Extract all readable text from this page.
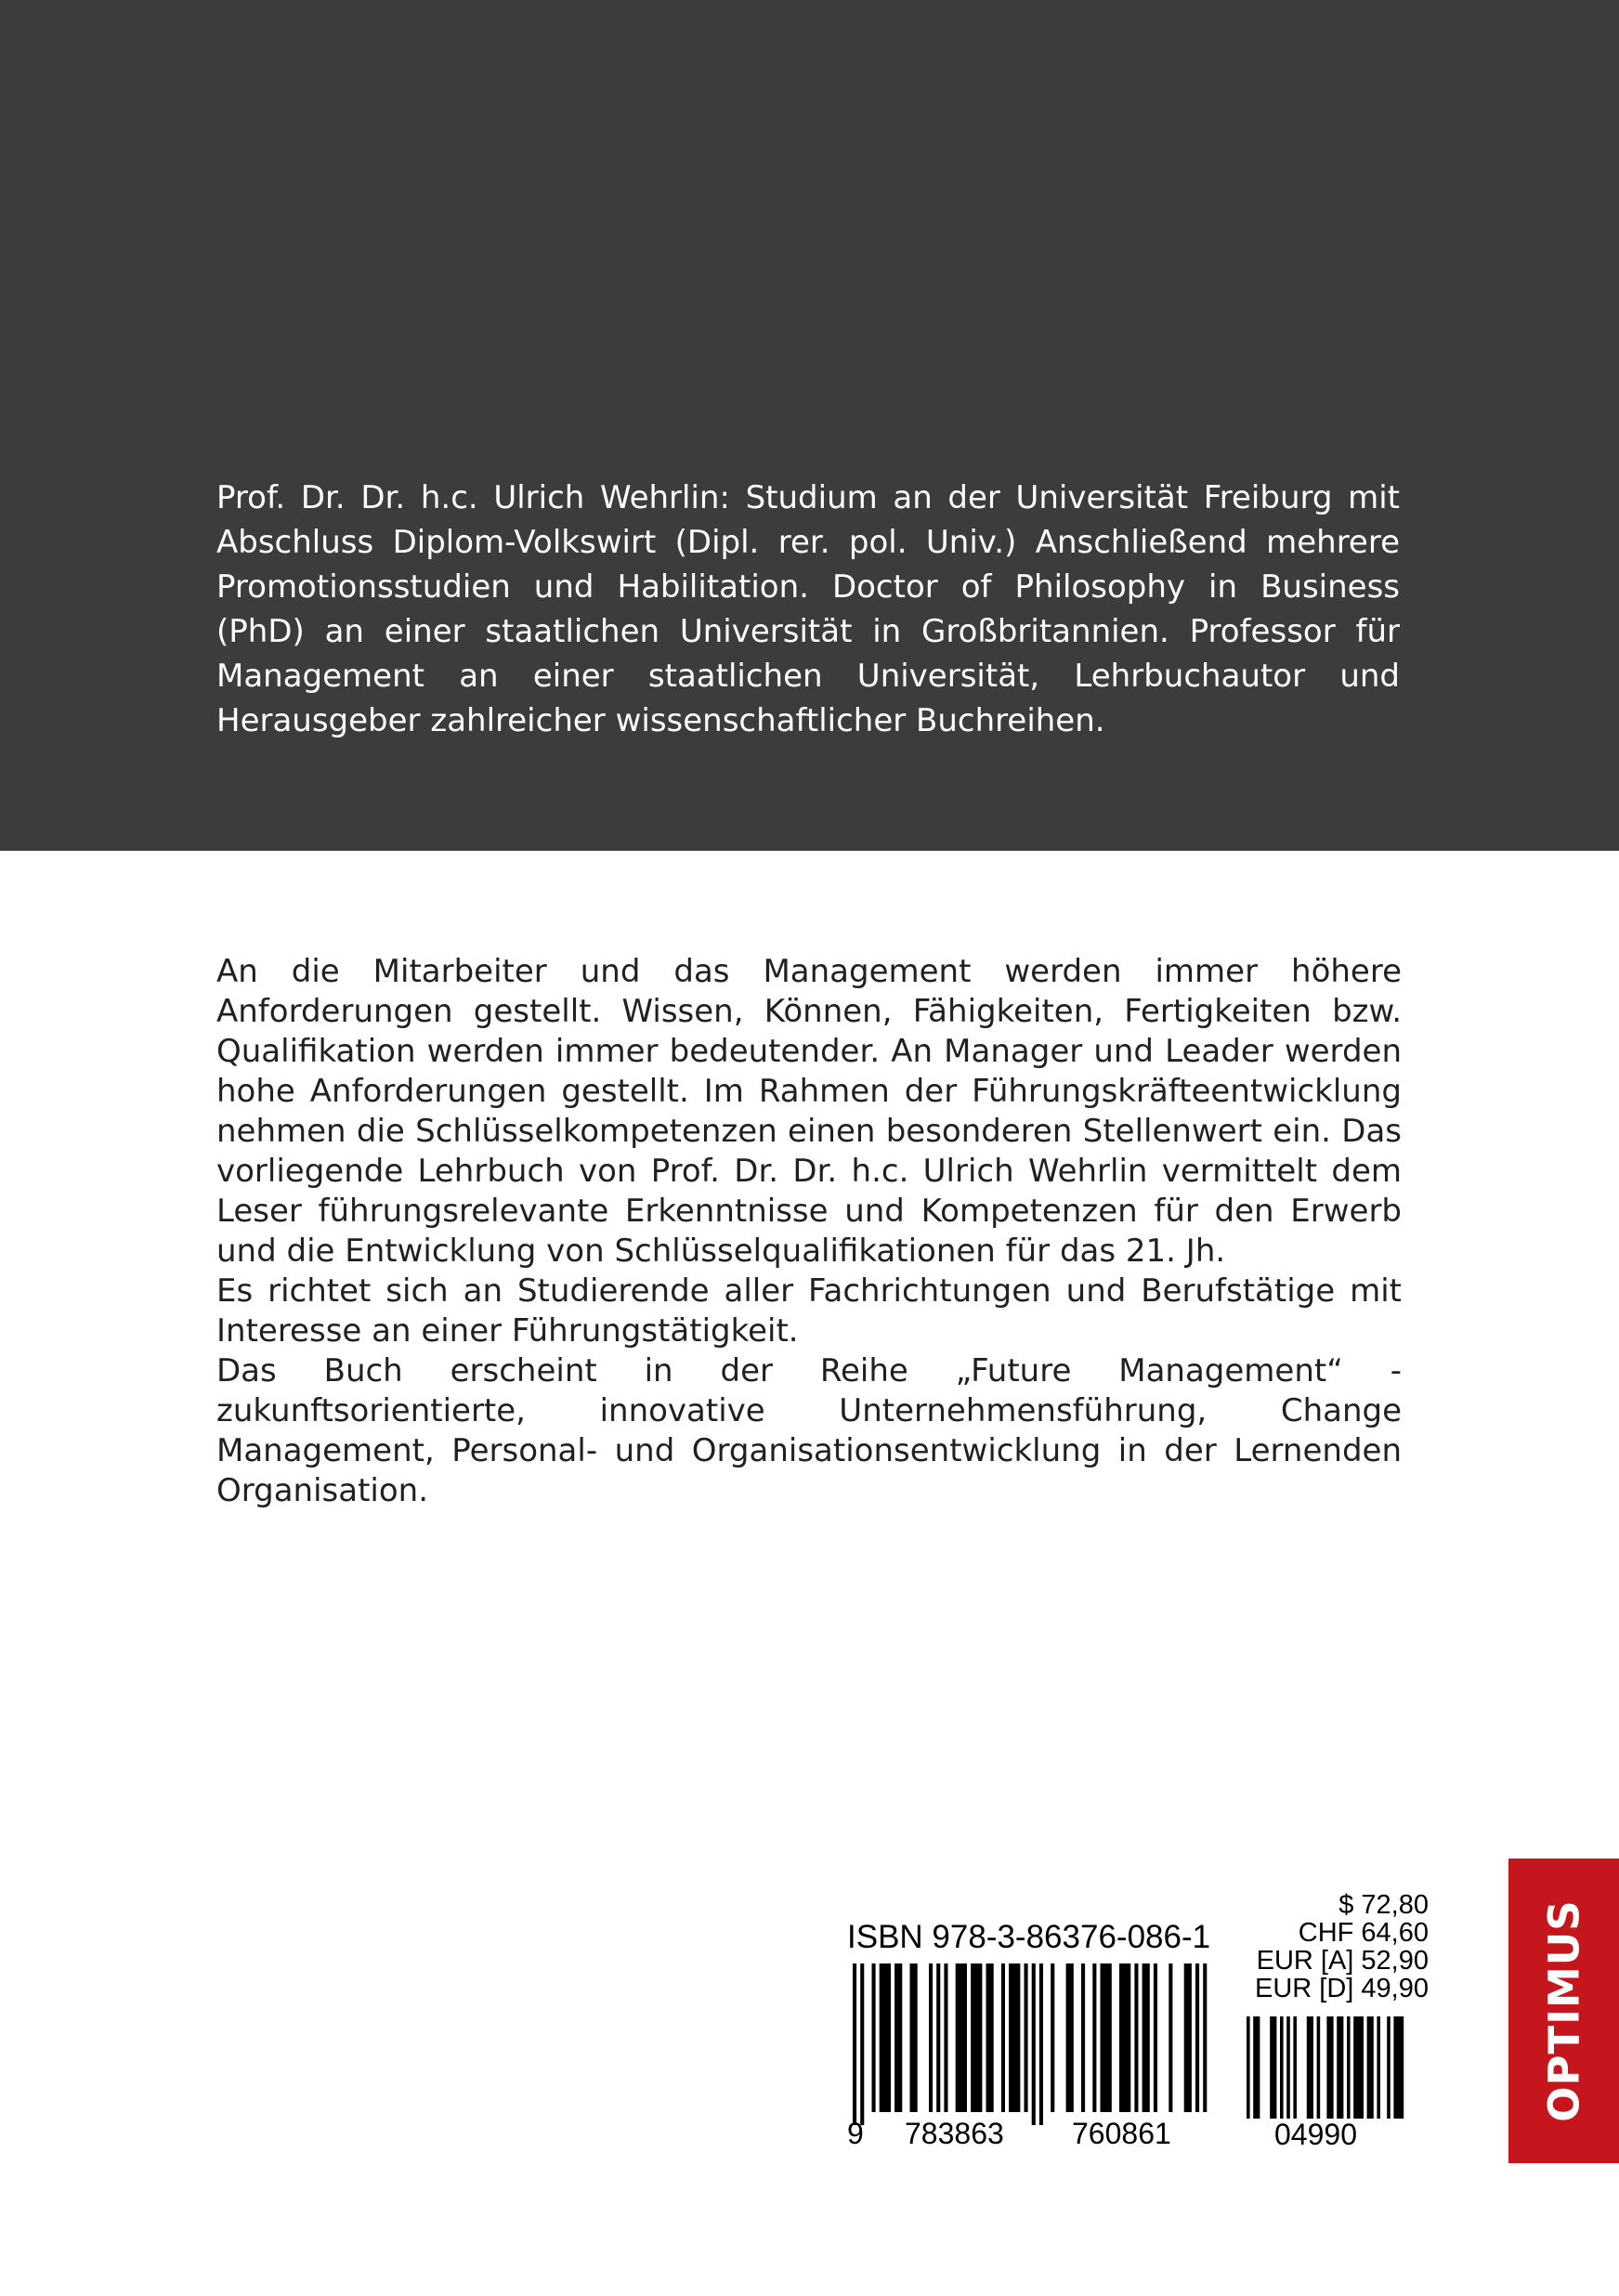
Prof. Dr. Dr. h.c. Ulrich Wehrlin: Studium an der Universität Freiburg mit Abschluss Diplom-Volkswirt (Dipl. rer. pol. Univ.) Anschließend mehrere Promotionsstudien und Habilitation. Doctor of Philosophy in Business (PhD) an einer staatlichen Universität in Großbritannien. Professor für Management an einer staatlichen Universität, Lehrbuchautor und Herausgeber zahlreicher wissenschaftlicher Buchreihen.

An die Mitarbeiter und das Management werden immer höhere Anforderungen gestellt. Wissen, Können, Fähigkeiten, Fertigkeiten bzw. Qualifikation werden immer bedeutender. An Manager und Leader werden hohe Anforderungen gestellt. Im Rahmen der Führungskräfteentwicklung nehmen die Schlüsselkompetenzen einen besonderen Stellenwert ein. Das vorliegende Lehrbuch von Prof. Dr. Dr. h.c. Ulrich Wehrlin vermittelt dem Leser führungsrelevante Erkenntnisse und Kompetenzen für den Erwerb und die Entwicklung von Schlüsselqualifikationen für das 21. Jh.

Es richtet sich an Studierende aller Fachrichtungen und Berufstätige mit Interesse an einer Führungstätigkeit.

Das Buch erscheint in der Reihe „Future Management“ - zukunftsorientierte, innovative Unternehmensführung, Change Management, Personal- und Organisationsentwicklung in der Lernenden Organisation.

ISBN 978-3-86376-086-1
9 783863 760861
$ 72,80
CHF 64,60
EUR [A] 52,90
EUR [D] 49,90
04990
OPTIMUS
